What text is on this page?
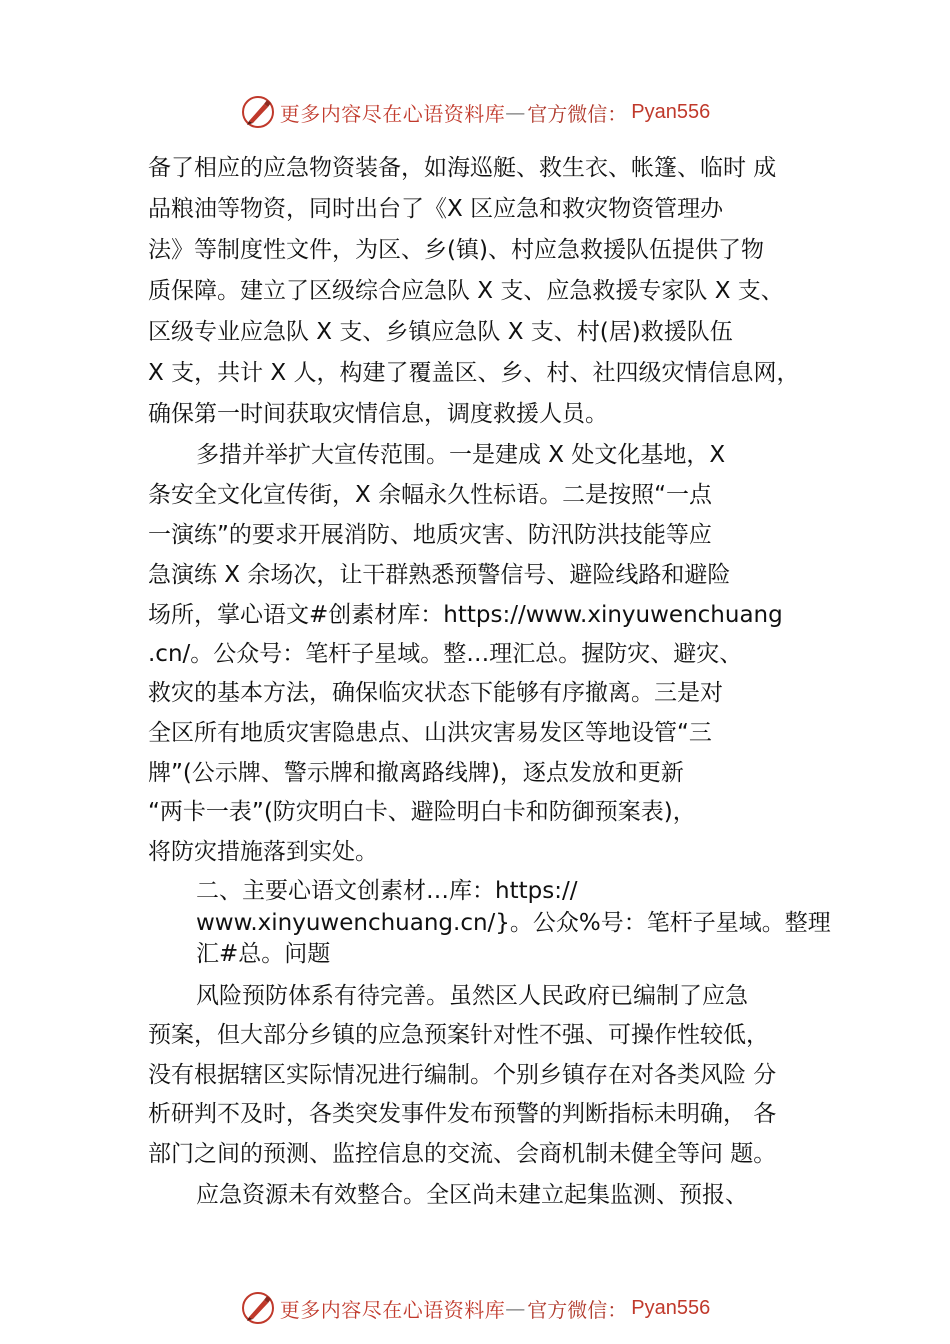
更多内容尽在心语资料库 — 官方微信： Pyan556
备了相应的应急物资装备，如海巡艇、救生衣、帐篷、临时 成
品粮油等物资，同时出台了《X 区应急和救灾物资管理办
法》等制度性文件，为区、乡(镇)、村应急救援队伍提供了物
质保障。建立了区级综合应急队 X 支、应急救援专家队 X 支、
区级专业应急队 X 支、乡镇应急队 X 支、村(居)救援队伍
X 支，共计 X 人，构建了覆盖区、乡、村、社四级灾情信息网，
确保第一时间获取灾情信息，调度救援人员。
多措并举扩大宣传范围。一是建成 X 处文化基地，X
条安全文化宣传街，X 余幅永久性标语。二是按照“一点
一演练”的要求开展消防、地质灾害、防汛防洪技能等应
急演练 X 余场次，让干群熟悉预警信号、避险线路和避险
场所，掌心语文#创素材库：https://www.xinyuwenchuang
.cn/。公众号：笔杆子星域。整…理汇总。握防灾、避灾、
救灾的基本方法，确保临灾状态下能够有序撤离。三是对
全区所有地质灾害隐患点、山洪灾害易发区等地设管“三
牌”(公示牌、警示牌和撤离路线牌)，逐点发放和更新
“两卡一表”(防灾明白卡、避险明白卡和防御预案表)，
将防灾措施落到实处。
二、主要心语文创素材…库：https://
www.xinyuwenchuang.cn/}。公众%号：笔杆子星域。整理
汇#总。问题
风险预防体系有待完善。虽然区人民政府已编制了应急
预案，但大部分乡镇的应急预案针对性不强、可操作性较低，
没有根据辖区实际情况进行编制。个别乡镇存在对各类风险 分
析研判不及时，各类突发事件发布预警的判断指标未明确， 各
部门之间的预测、监控信息的交流、会商机制未健全等问 题。
应急资源未有效整合。全区尚未建立起集监测、预报、
更多内容尽在心语资料库 — 官方微信： Pyan556
